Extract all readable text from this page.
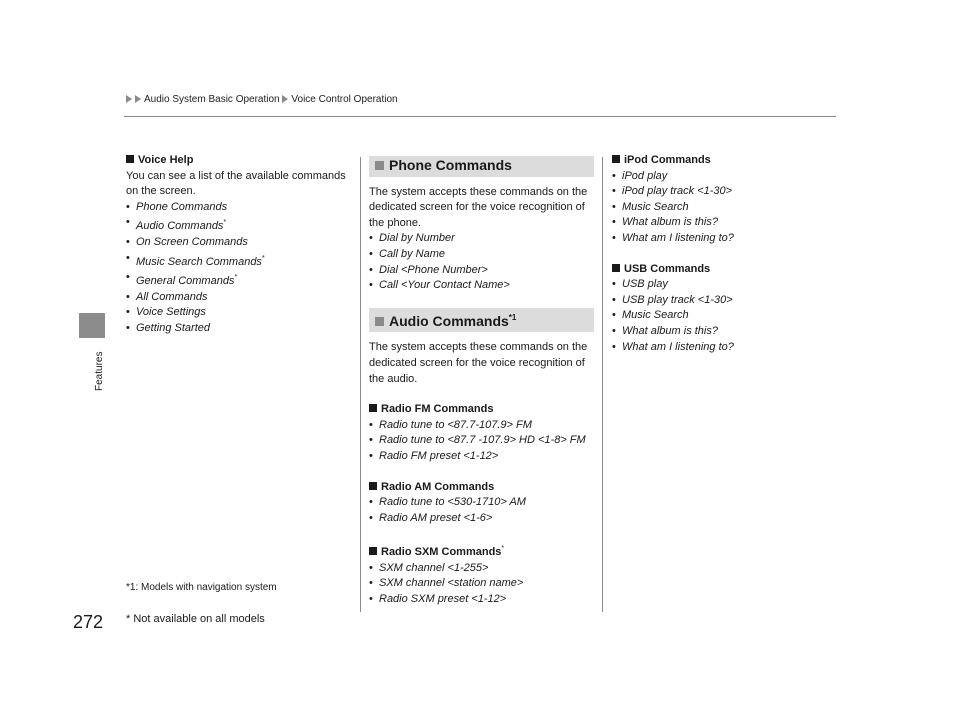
Audio System Basic Operation Voice Control Operation
Features
Voice Help
You can see a list of the available commands on the screen.
• Phone Commands
• Audio Commands*
• On Screen Commands
• Music Search Commands*
• General Commands*
• All Commands
• Voice Settings
• Getting Started
*1: Models with navigation system
Phone Commands
The system accepts these commands on the dedicated screen for the voice recognition of the phone.
• Dial by Number
• Call by Name
• Dial <Phone Number>
• Call <Your Contact Name>
Audio Commands$^{*1}$
The system accepts these commands on the dedicated screen for the voice recognition of the audio.
Radio FM Commands
• Radio tune to <87.7-107.9> FM
• Radio tune to <87.7 -107.9> HD <1-8> FM
• Radio FM preset <1-12>
Radio AM Commands
• Radio tune to <530-1710> AM
• Radio AM preset <1-6>
Radio SXM Commands*
• SXM channel <1-255>
• SXM channel <station name>
• Radio SXM preset <1-12>
iPod Commands
• iPod play
• iPod play track <1-30>
• Music Search
• What album is this?
• What am I listening to?
USB Commands
• USB play
• USB play track <1-30>
• Music Search
• What album is this?
• What am I listening to?
272 * Not available on all models
